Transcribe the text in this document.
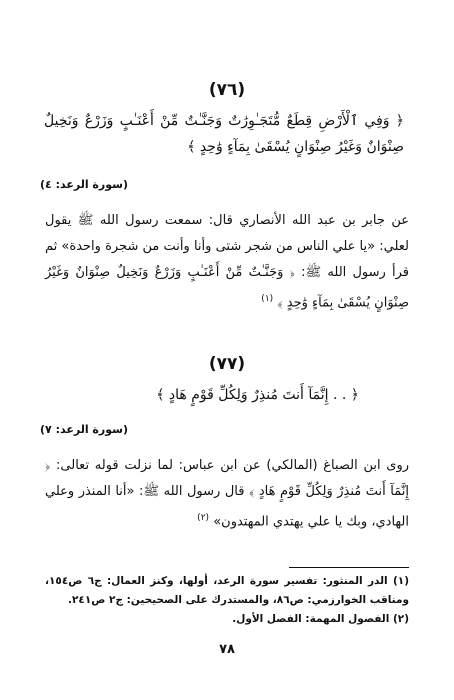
(٧٦)
﴿ وَفِي ٱلْأَرْضِ قِطَعٌ مُّتَجَـٰوِرَٰتٌ وَجَنَّـٰتٌ مِّنْ أَعْنَـٰبٍ وَزَرْعٌ وَنَخِيلٌ صِنْوَانٌ وَغَيْرُ صِنْوَانٍ يُسْقَىٰ بِمَآءٍ وَٰحِدٍ ﴾
(سورة الرعد: ٤)
عن جابر بن عبد الله الأنصاري قال: سمعت رسول الله ﷺ يقول لعلي: «يا علي الناس من شجر شتى وأنا وأنت من شجرة واحدة» ثم قرأ رسول الله ﷺ: ﴿ وَجَنَّـٰتٌ مِّنْ أَعْنَـٰبٍ وَزَرْعٌ وَنَخِيلٌ صِنْوَانٌ وَغَيْرُ صِنْوَانٍ يُسْقَىٰ بِمَآءٍ وَٰحِدٍ ﴾ $^{(١)}$
(٧٧)
﴿ . . إِنَّمَآ أَنتَ مُنذِرٌ وَلِكُلِّ قَوْمٍ هَادٍ ﴾
(سورة الرعد: ٧)
روى ابن الصباغ (المالكي) عن ابن عباس: لما نزلت قوله تعالى: ﴿ إِنَّمَآ أَنتَ مُنذِرٌ وَلِكُلِّ قَوْمٍ هَادٍ ﴾ قال رسول الله ﷺ: «أنا المنذر وعلي الهادي، وبك يا علي يهتدي المهتدون» $^{(٢)}$
(١) الدر المنثور: تفسير سورة الرعد، أولها، وكنز العمال: ج٦ ص١٥٤، ومناقب الخوارزمي: ص٨٦، والمستدرك على الصحيحين: ج٢ ص٢٤١.
(٢) الفصول المهمة: الفصل الأول.
٧٨
